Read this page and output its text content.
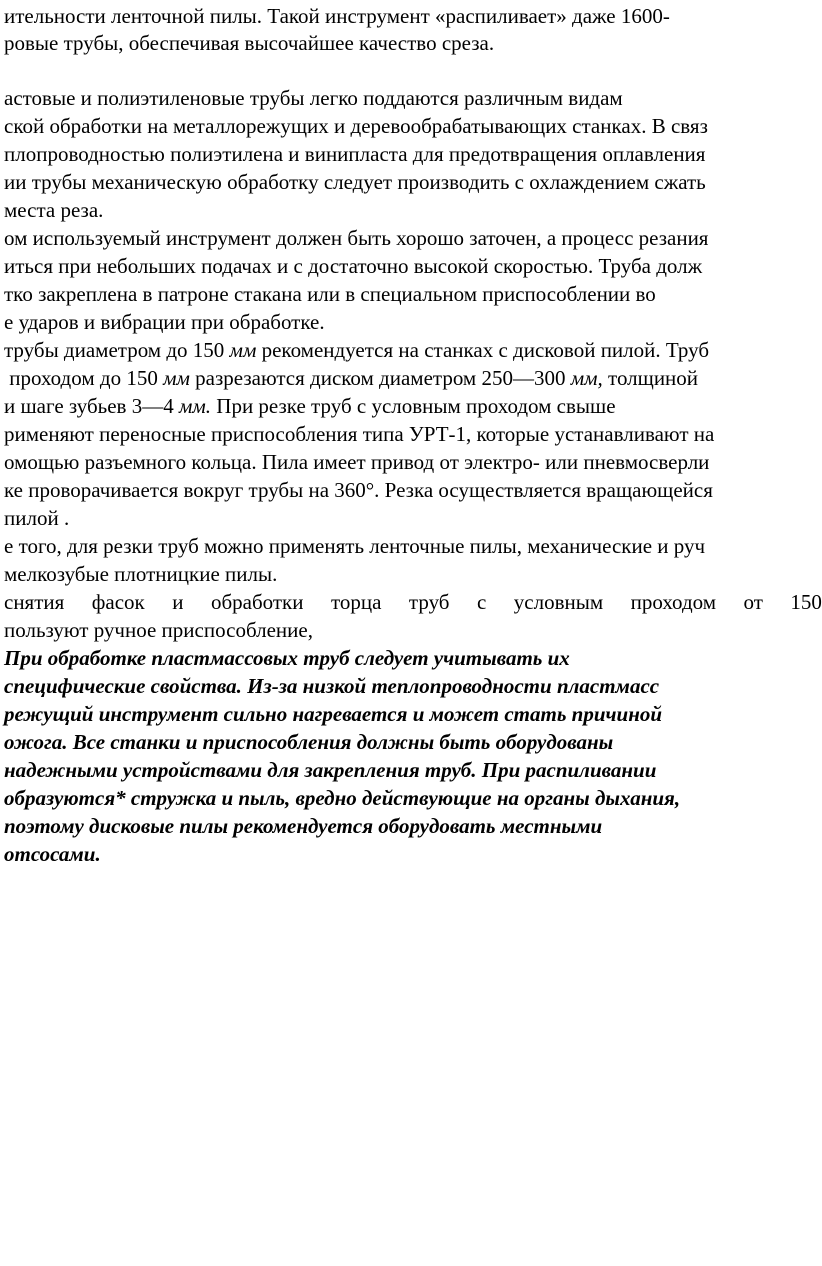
ительности ленточной пилы. Такой инструмент «распиливает» даже 1600-
ровые трубы, обеспечивая высочайшее качество среза.
астовые и полиэтиленовые трубы легко поддаются различным видам
ской обработки на металлорежущих и деревообрабатывающих станках. В связ
плопроводностью полиэтилена и винипласта для предотвращения оплавления
ии трубы механическую обработку следует производить с охлаждением сжать
места реза.
ом используемый инструмент должен быть хорошо заточен, а процесс резания
иться при небольших подачах и с достаточно высокой скоростью. Труба долж
тко закреплена в патроне стакана или в специальном приспособлении во
е ударов и вибрации при обработке.
трубы диаметром до 150 мм рекомендуется на станках с дисковой пилой. Труб
проходом до 150 мм разрезаются диском диаметром 250—300 мм, толщиной
и шаге зубьев 3—4 мм. При резке труб с условным проходом свыше
рименяют переносные приспособления типа УРТ-1, которые устанавливают на
омощью разъемного кольца. Пила имеет привод от электро- или пневмосверли
ке проворачивается вокруг трубы на 360°. Резка осуществляется вращающейся
пилой .
е того, для резки труб можно применять ленточные пилы, механические и руч
мелкозубые плотницкие пилы.
снятия фасок и обработки торца труб с условным проходом от 150
пользуют ручное приспособление,
При обработке пластмассовых труб следует учитывать их
специфические свойства. Из-за низкой теплопроводности пластмасс
режущий инструмент сильно нагревается и может стать причиной
ожога. Все станки и приспособления должны быть оборудованы
надежными устройствами для закрепления труб. При распиливании
образуются* стружка и пыль, вредно действующие на органы дыхания,
поэтому дисковые пилы рекомендуется оборудовать местными
отсосами.
